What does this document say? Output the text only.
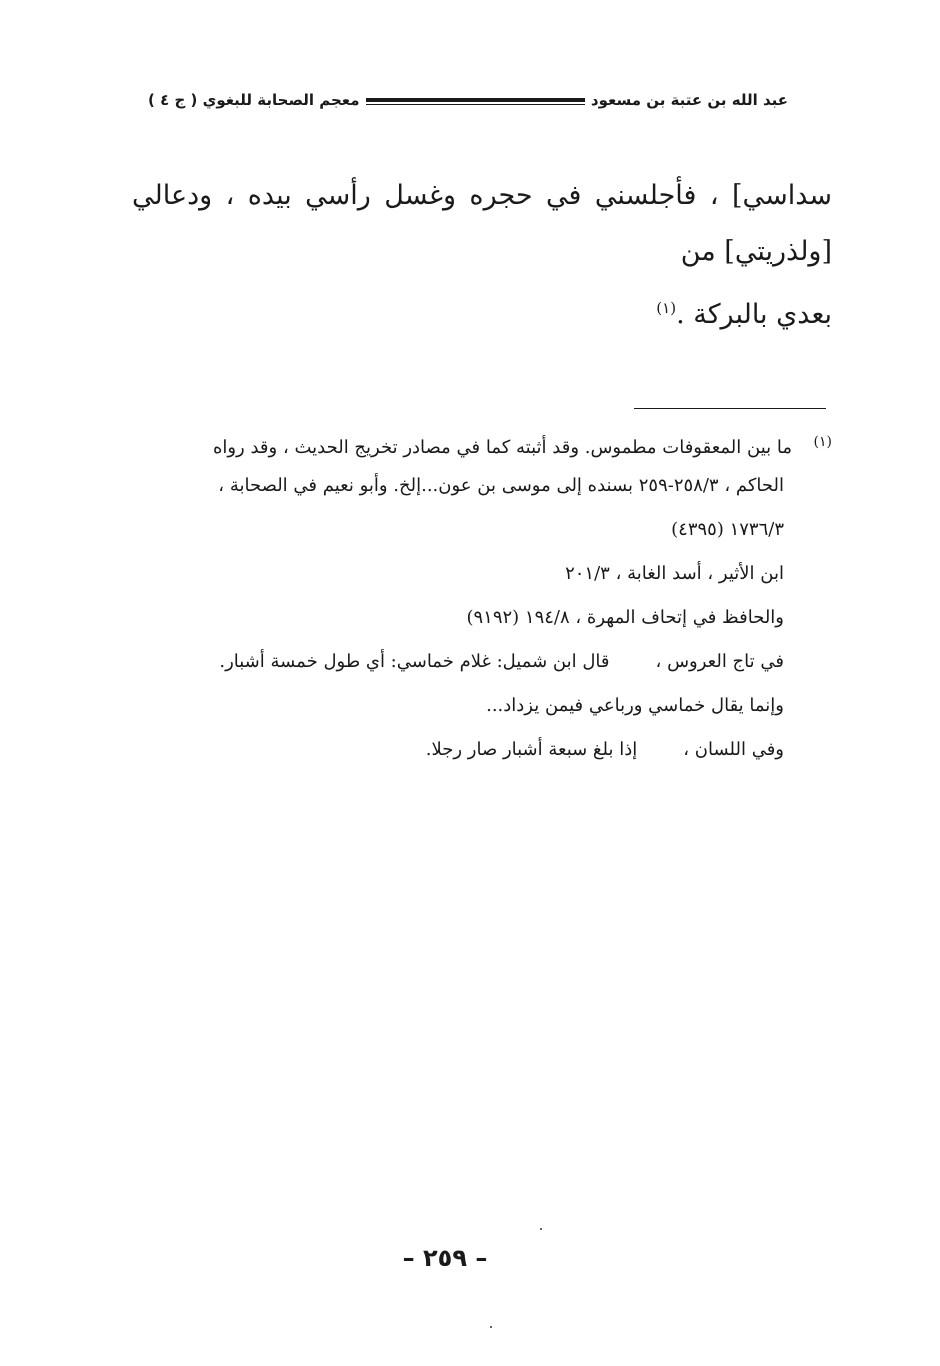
عبد الله بن عتبة بن مسعود
معجم الصحابة للبغوي ( ج ٤ )

سداسي] ، فأجلسني في حجره وغسل رأسي بيده ، ودعالي [ولذريتي] من

بعدي بالبركة .$^{(١)}$

(١)ما بين المعقوفات مطموس. وقد أثبته كما في مصادر تخريج الحديث ، وقد رواه
الحاكم ، ٢٥٨/٣-٢٥٩ بسنده إلى موسى بن عون...إلخ. وأبو نعيم في الصحابة ،
١٧٣٦/٣ (٤٣٩٥)
ابن الأثير ، أسد الغابة ، ٢٠١/٣
والحافظ في إتحاف المهرة ، ١٩٤/٨ (٩١٩٢)
في تاج العروس ،قال ابن شميل: غلام خماسي: أي طول خمسة أشبار.
وإنما يقال خماسي ورباعي فيمن يزداد...
وفي اللسان ،إذا بلغ سبعة أشبار صار رجلا.
– ٢٥٩ –
